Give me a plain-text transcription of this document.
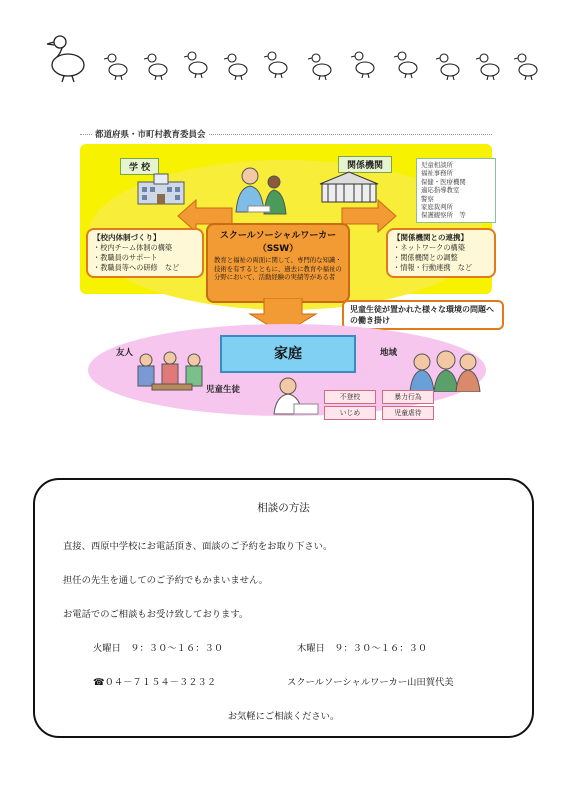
都道府県・市町村教育委員会
学 校	関係機関	児童相談所
福祉事務所
保健・医療機関
適応指導教室
警察
家庭裁判所
保護観察所　等
【校内体制づくり】
・校内チーム体制の構築
・教職員のサポート
・教職員等への研修　など
スクールソーシャルワーカー
（SSW）
教育と福祉の両面に関して、専門的な知識・技術を有するとともに、過去に教育や福祉の分野において、活動経験の実績等がある者
【関係機関との連携】
・ネットワークの構築
・関係機関との調整
・情報・行動連携　など
児童生徒が置かれた様々な環境の問題への働き掛け
家庭
友人	地域
児童生徒
不登校	暴力行為
いじめ	児童虐待
相談の方法
直接、西原中学校にお電話頂き、面談のご予約をお取り下さい。
担任の先生を通してのご予約でもかまいません。
お電話でのご相談もお受け致しております。
火曜日　９：３０～１６：３０	木曜日　９：３０～１６：３０
☎０４－７１５４－３２３２	スクールソーシャルワーカー山田賀代美
お気軽にご相談ください。
